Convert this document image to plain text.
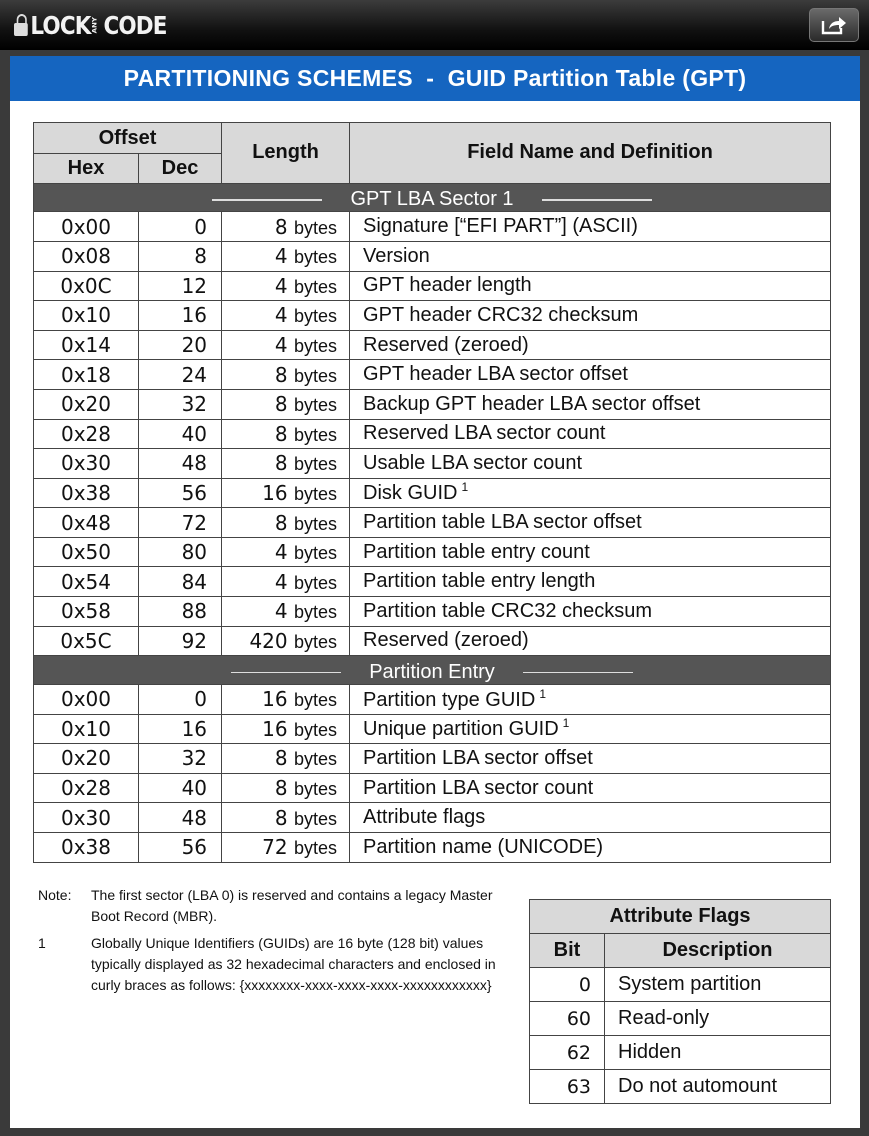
LOCK ANY CODE
PARTITIONING SCHEMES  -  GUID Partition Table (GPT)
Offset		Length	Field Name and Definition
Hex	Dec		

GPT LBA Sector 1			

0x00	0	8 bytes	Signature [“EFI PART”] (ASCII)
0x08	8	4 bytes	Version
0x0C	12	4 bytes	GPT header length
0x10	16	4 bytes	GPT header CRC32 checksum
0x14	20	4 bytes	Reserved (zeroed)
0x18	24	8 bytes	GPT header LBA sector offset
0x20	32	8 bytes	Backup GPT header LBA sector offset
0x28	40	8 bytes	Reserved LBA sector count
0x30	48	8 bytes	Usable LBA sector count
0x38	56	16 bytes	Disk GUID $^1$
0x48	72	8 bytes	Partition table LBA sector offset
0x50	80	4 bytes	Partition table entry count
0x54	84	4 bytes	Partition table entry length
0x58	88	4 bytes	Partition table CRC32 checksum
0x5C	92	420 bytes	Reserved (zeroed)

Partition Entry			

0x00	0	16 bytes	Partition type GUID $^1$
0x10	16	16 bytes	Unique partition GUID $^1$
0x20	32	8 bytes	Partition LBA sector offset
0x28	40	8 bytes	Partition LBA sector count
0x30	48	8 bytes	Attribute flags
0x38	56	72 bytes	Partition name (UNICODE)
Note:	The first sector (LBA 0) is reserved and contains a legacy Master Boot Record (MBR).
1	Globally Unique Identifiers (GUIDs) are 16 byte (128 bit) values typically displayed as 32 hexadecimal characters and enclosed in curly braces as follows: {xxxxxxxx-xxxx-xxxx-xxxx-xxxxxxxxxxxx}
Attribute Flags	
Bit	Description
0	System partition
60	Read-only
62	Hidden
63	Do not automount
